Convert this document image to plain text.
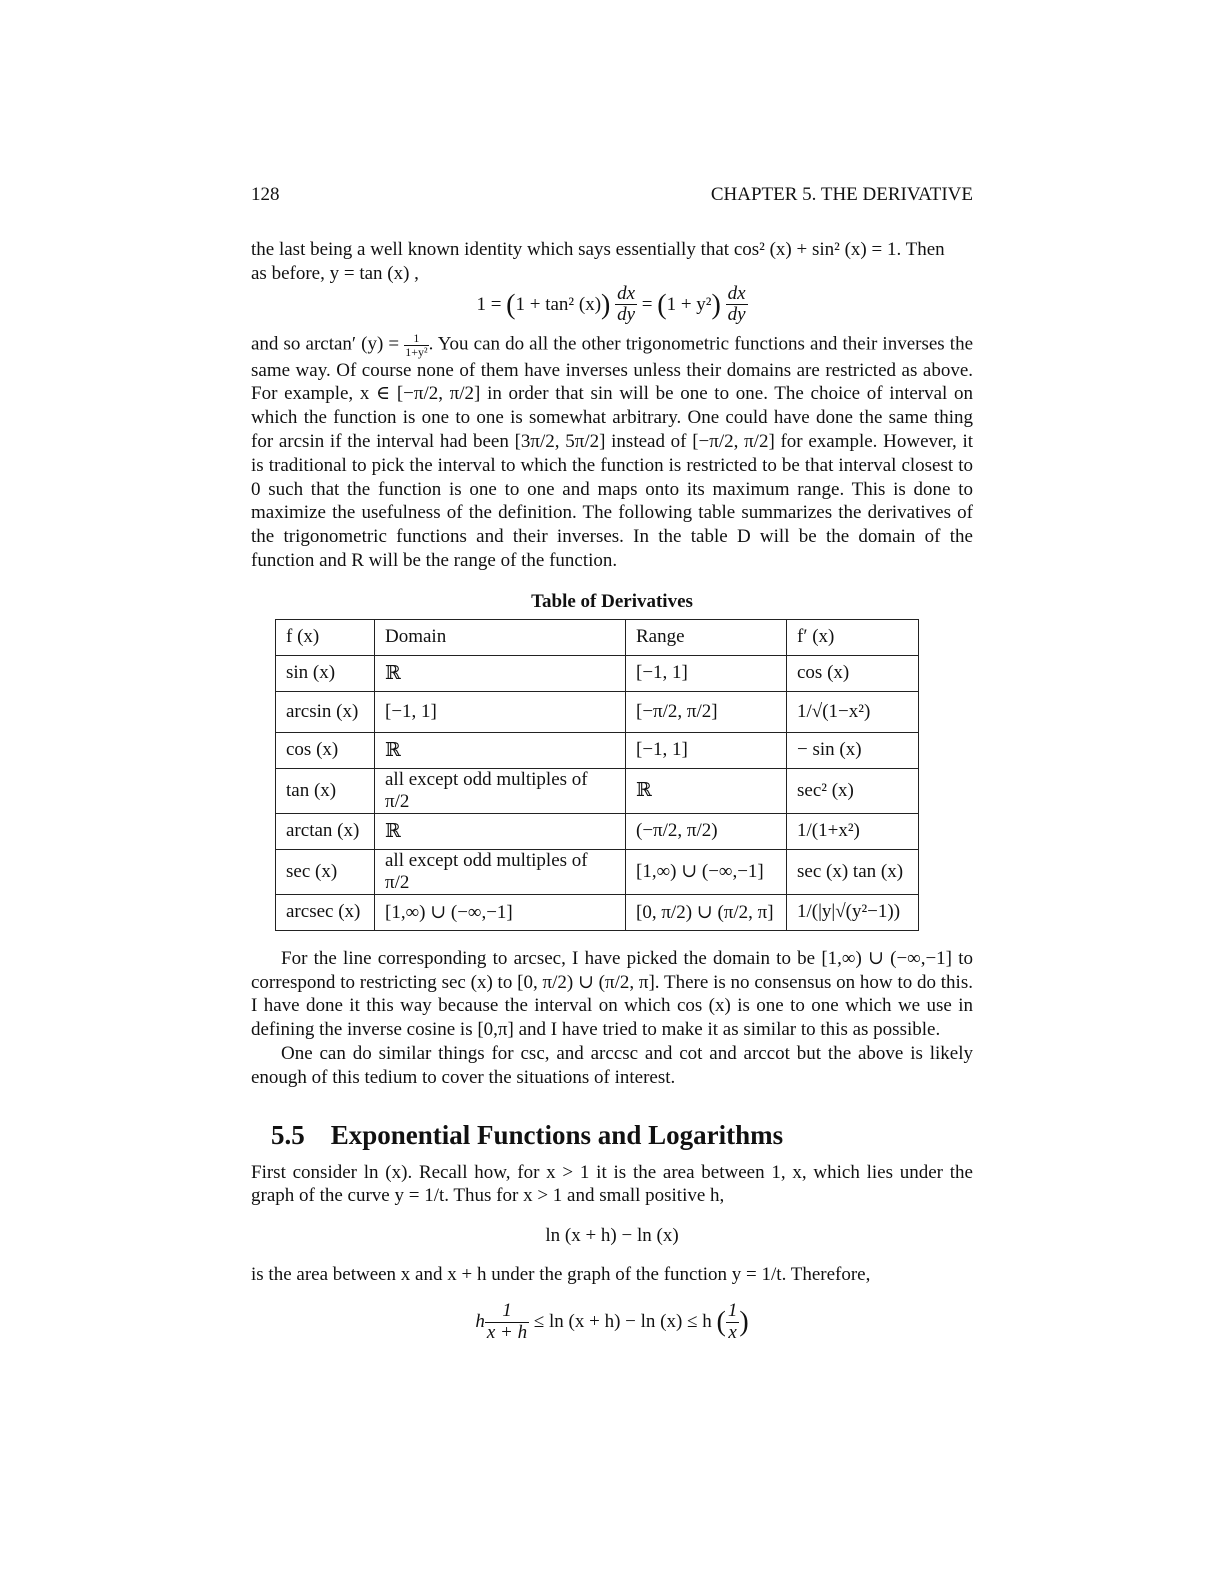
128	CHAPTER 5. THE DERIVATIVE

the last being a well known identity which says essentially that cos² (x) + sin² (x) = 1. Then

as before, y = tan (x) ,

1 = (1 + tan² $(x)) \frac{dx}{dy} = (1 + y^2) \frac{dx}{dy}$

and so arctan′ $(y) = \frac{1}{\text{1+y²}}$ . You can do all the other trigonometric functions and their inverses the same way. Of course none of them have inverses unless their domains are restricted as above. For example, x ∈ [−π/2, π/2] in order that sin will be one to one. The choice of interval on which the function is one to one is somewhat arbitrary. One could have done the same thing for arcsin if the interval had been [3π/2, 5π/2] instead of [−π/2, π/2] for example. However, it is traditional to pick the interval to which the function is restricted to be that interval closest to 0 such that the function is one to one and maps onto its maximum range. This is done to maximize the usefulness of the definition. The following table summarizes the derivatives of the trigonometric functions and their inverses. In the table D will be the domain of the function and R will be the range of the function.

Table of Derivatives
f (x)	Domain	Range	f′ (x)
sin (x)	ℝ	[−1, 1]	cos (x)
arcsin (x)	[−1, 1]	[−π/2, π/2]	1/√(1−x²)
cos (x)	ℝ	[−1, 1]	− sin (x)
tan (x)	all except odd multiples of π/2	ℝ	sec² (x)
arctan (x)	ℝ	(−π/2, π/2)	1/(1+x²)
sec (x)	all except odd multiples of π/2	[1,∞) ∪ (−∞,−1]	sec (x) tan (x)
arcsec (x)	[1,∞) ∪ (−∞,−1]	[0, π/2) ∪ (π/2, π]	1/(|y|√(y²−1))

For the line corresponding to arcsec, I have picked the domain to be [1,∞) ∪ (−∞,−1] to correspond to restricting sec (x) to [0, π/2) ∪ (π/2, π]. There is no consensus on how to do this. I have done it this way because the interval on which cos (x) is one to one which we use in defining the inverse cosine is [0,π] and I have tried to make it as similar to this as possible.

One can do similar things for csc, and arccsc and cot and arccot but the above is likely enough of this tedium to cover the situations of interest.

5.5 Exponential Functions and Logarithms

First consider ln (x). Recall how, for x > 1 it is the area between 1, x, which lies under the graph of the curve y = 1/t. Thus for x > 1 and small positive h,

ln (x + h) − ln (x)

is the area between x and x + h under the graph of the function y = 1/t. Therefore,

h $\frac{1}{x + h} \le \ln (x + h) - \ln (x) \le h$ ( $\frac{1}{x}$ )
